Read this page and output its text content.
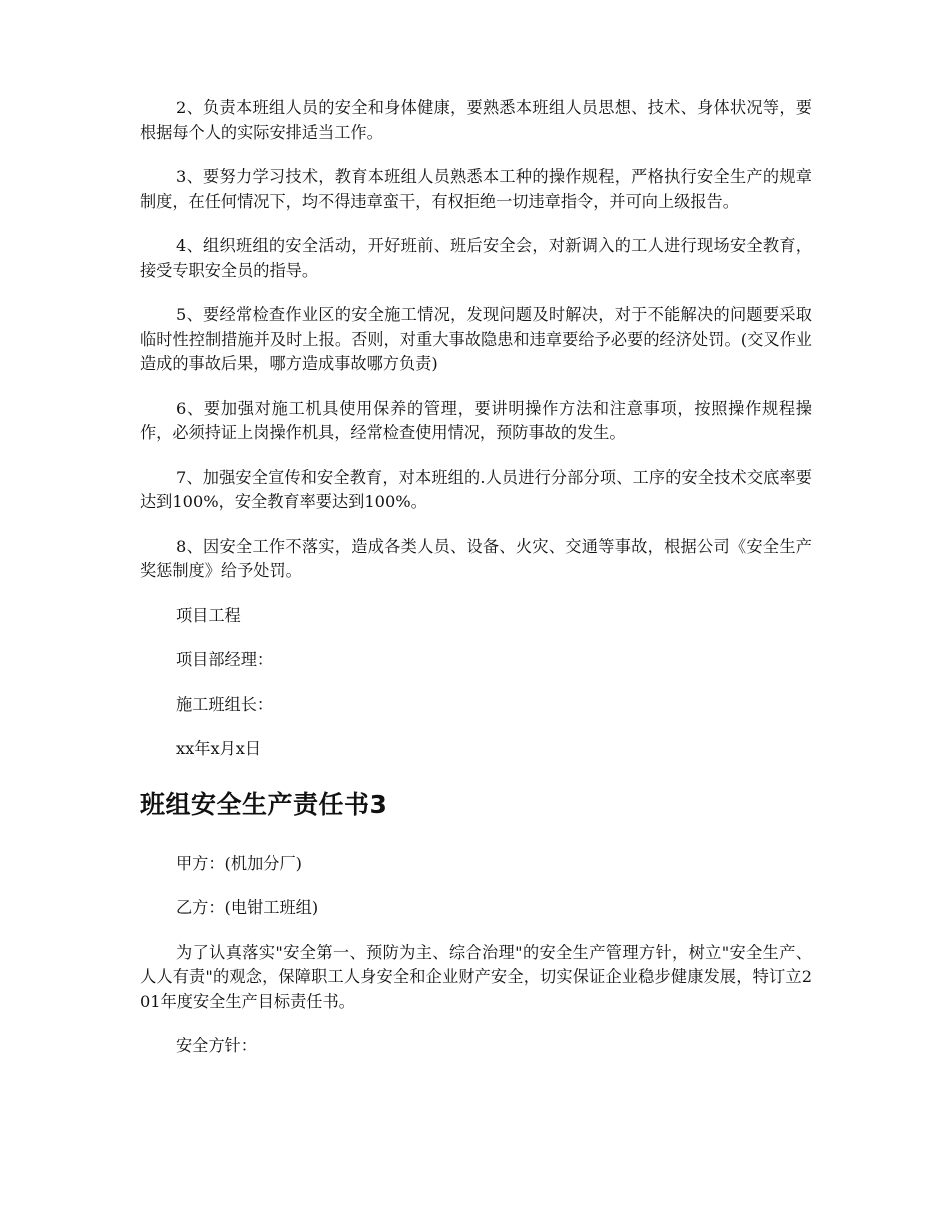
2、负责本班组人员的安全和身体健康，要熟悉本班组人员思想、技术、身体状况等，要根据每个人的实际安排适当工作。

3、要努力学习技术，教育本班组人员熟悉本工种的操作规程，严格执行安全生产的规章制度，在任何情况下，均不得违章蛮干，有权拒绝一切违章指令，并可向上级报告。

4、组织班组的安全活动，开好班前、班后安全会，对新调入的工人进行现场安全教育，接受专职安全员的指导。

5、要经常检查作业区的安全施工情况，发现问题及时解决，对于不能解决的问题要采取临时性控制措施并及时上报。否则，对重大事故隐患和违章要给予必要的经济处罚。(交叉作业造成的事故后果，哪方造成事故哪方负责)

6、要加强对施工机具使用保养的管理，要讲明操作方法和注意事项，按照操作规程操作，必须持证上岗操作机具，经常检查使用情况，预防事故的发生。

7、加强安全宣传和安全教育，对本班组的.人员进行分部分项、工序的安全技术交底率要达到100%，安全教育率要达到100%。

8、因安全工作不落实，造成各类人员、设备、火灾、交通等事故，根据公司《安全生产奖惩制度》给予处罚。

项目工程

项目部经理：

施工班组长：

xx年x月x日

班组安全生产责任书3

甲方：(机加分厂)

乙方：(电钳工班组)

为了认真落实"安全第一、预防为主、综合治理"的安全生产管理方针，树立"安全生产、人人有责"的观念，保障职工人身安全和企业财产安全，切实保证企业稳步健康发展，特订立201年度安全生产目标责任书。

安全方针：
